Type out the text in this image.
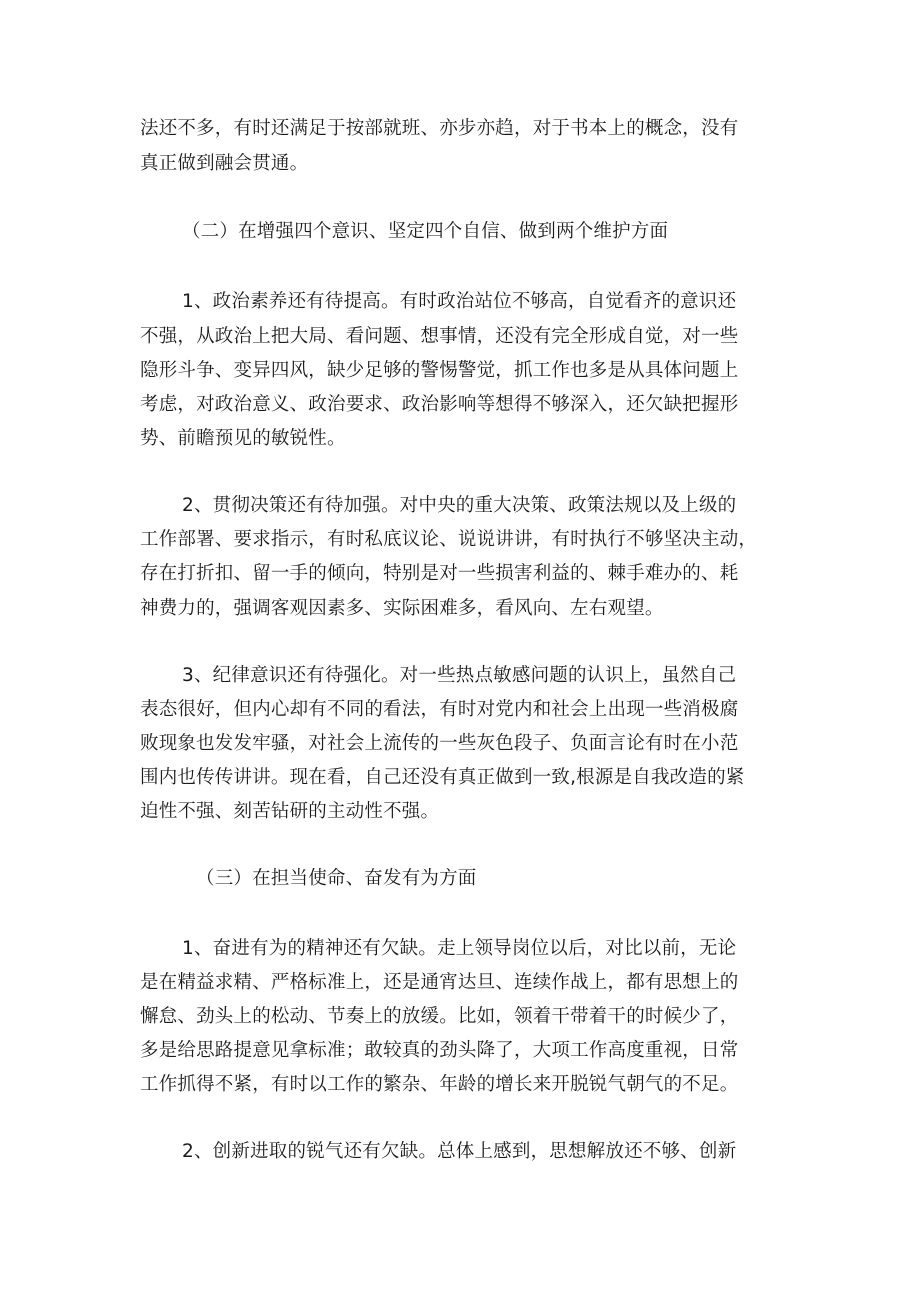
法还不多，有时还满足于按部就班、亦步亦趋，对于书本上的概念，没有
真正做到融会贯通。
（二）在增强四个意识、坚定四个自信、做到两个维护方面
1、政治素养还有待提高。有时政治站位不够高，自觉看齐的意识还
不强，从政治上把大局、看问题、想事情，还没有完全形成自觉，对一些
隐形斗争、变异四风，缺少足够的警惕警觉，抓工作也多是从具体问题上
考虑，对政治意义、政治要求、政治影响等想得不够深入，还欠缺把握形
势、前瞻预见的敏锐性。
2、贯彻决策还有待加强。对中央的重大决策、政策法规以及上级的
工作部署、要求指示，有时私底议论、说说讲讲，有时执行不够坚决主动，
存在打折扣、留一手的倾向，特别是对一些损害利益的、棘手难办的、耗
神费力的，强调客观因素多、实际困难多，看风向、左右观望。
3、纪律意识还有待强化。对一些热点敏感问题的认识上，虽然自己
表态很好，但内心却有不同的看法，有时对党内和社会上出现一些消极腐
败现象也发发牢骚，对社会上流传的一些灰色段子、负面言论有时在小范
围内也传传讲讲。现在看，自己还没有真正做到一致,根源是自我改造的紧
迫性不强、刻苦钻研的主动性不强。
（三）在担当使命、奋发有为方面
1、奋进有为的精神还有欠缺。走上领导岗位以后，对比以前，无论
是在精益求精、严格标准上，还是通宵达旦、连续作战上，都有思想上的
懈怠、劲头上的松动、节奏上的放缓。比如，领着干带着干的时候少了，
多是给思路提意见拿标准；敢较真的劲头降了，大项工作高度重视，日常
工作抓得不紧，有时以工作的繁杂、年龄的增长来开脱锐气朝气的不足。
2、创新进取的锐气还有欠缺。总体上感到，思想解放还不够、创新
